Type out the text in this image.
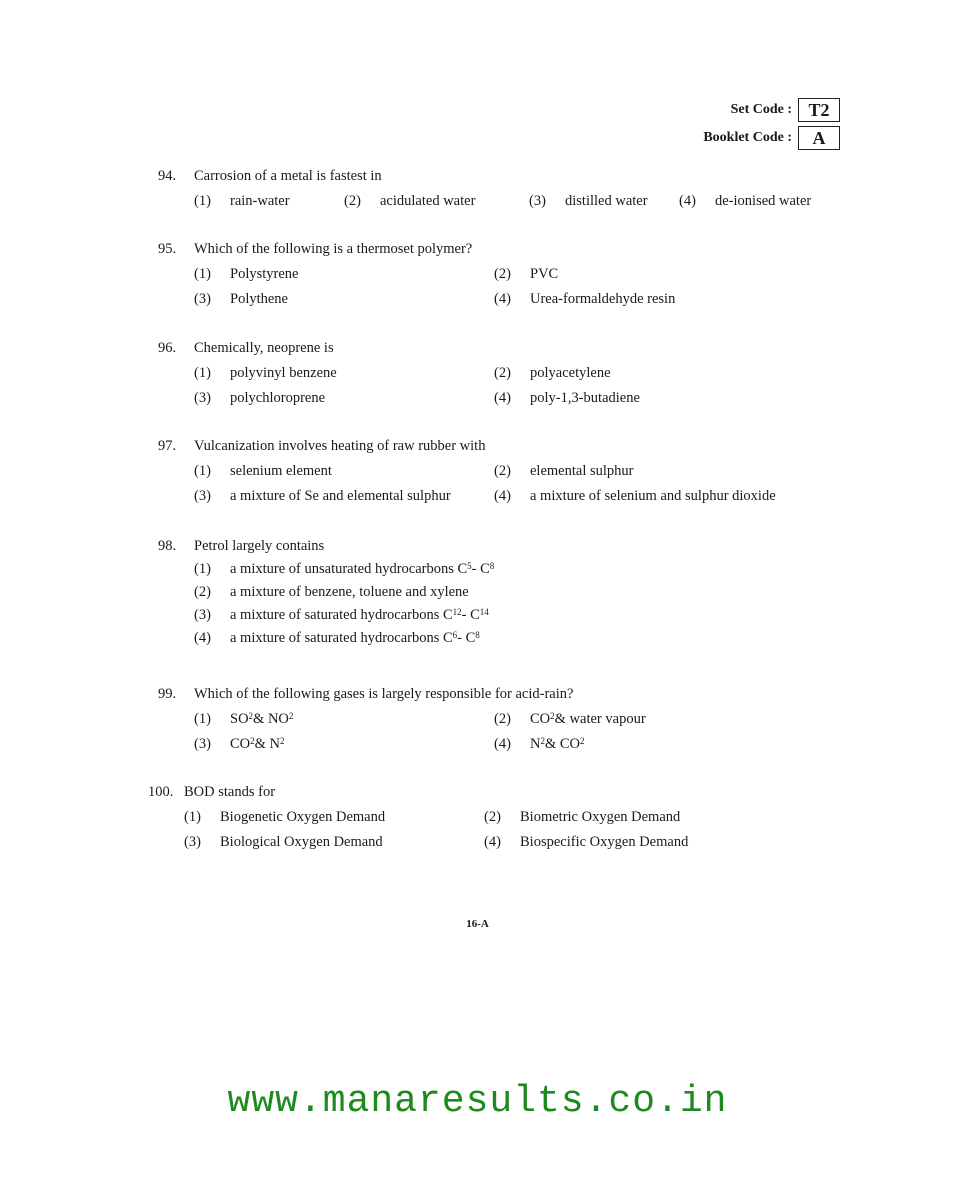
Set Code : T2
Booklet Code :	A
94.	Carrosion of a metal is fastest in
(1)	rain-water	(2)	acidulated water	(3)	distilled water (4)	de-ionised water
95.	Which of the following is a thermoset polymer?
(1)	Polystyrene	(2)	PVC
(3)	Polythene	(4)	Urea-formaldehyde resin
96.	Chemically, neoprene is
(1)	polyvinyl benzene	(2)	polyacetylene
(3)	polychloroprene	(4)	poly-1,3-butadiene
97.	Vulcanization involves heating of raw rubber with
(1)	selenium element	(2)	elemental sulphur
(3)	a mixture of Se and elemental sulphur	(4)	a mixture of selenium and sulphur dioxide
98.	Petrol largely contains
(1)	a mixture of unsaturated hydrocarbons C 5 - C 8
(2)	a mixture of benzene, toluene and xylene
(3)	a mixture of saturated hydrocarbons C 12 - C 14
(4)	a mixture of saturated hydrocarbons C 6 - C 8
99.	Which of the following gases is largely responsible for acid-rain?
(1)	SO 2 & NO 2	(2)	CO 2 & water vapour
(3)	CO 2 & N 2	(4)	N 2 & CO 2
100. BOD stands for
(1)	Biogenetic Oxygen Demand	(2)	Biometric Oxygen Demand
(3)	Biological Oxygen Demand	(4)	Biospecific Oxygen Demand
16-A
www.manaresults.co.in
